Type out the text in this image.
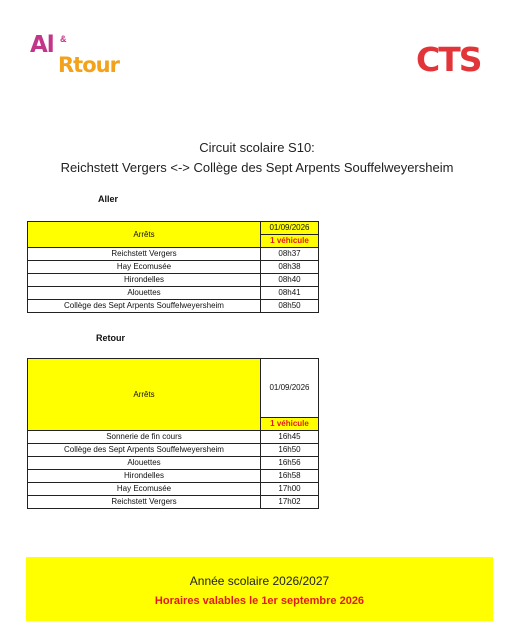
Al &
Rtour	CTS
Circuit scolaire S10:
Reichstett Vergers <-> Collège des Sept Arpents Souffelweyersheim
Aller
Arrêts	01/09/2026
	1 véhicule
Reichstett Vergers	08h37
Hay Ecomusée	08h38
Hirondelles	08h40
Alouettes	08h41
Collège des Sept Arpents Souffelweyersheim	08h50
Retour
Arrêts	01/09/2026
	1 véhicule
Sonnerie de fin cours	16h45
Collège des Sept Arpents Souffelweyersheim	16h50
Alouettes	16h56
Hirondelles	16h58
Hay Ecomusée	17h00
Reichstett Vergers	17h02
Année scolaire 2026/2027
Horaires valables le 1er septembre 2026
